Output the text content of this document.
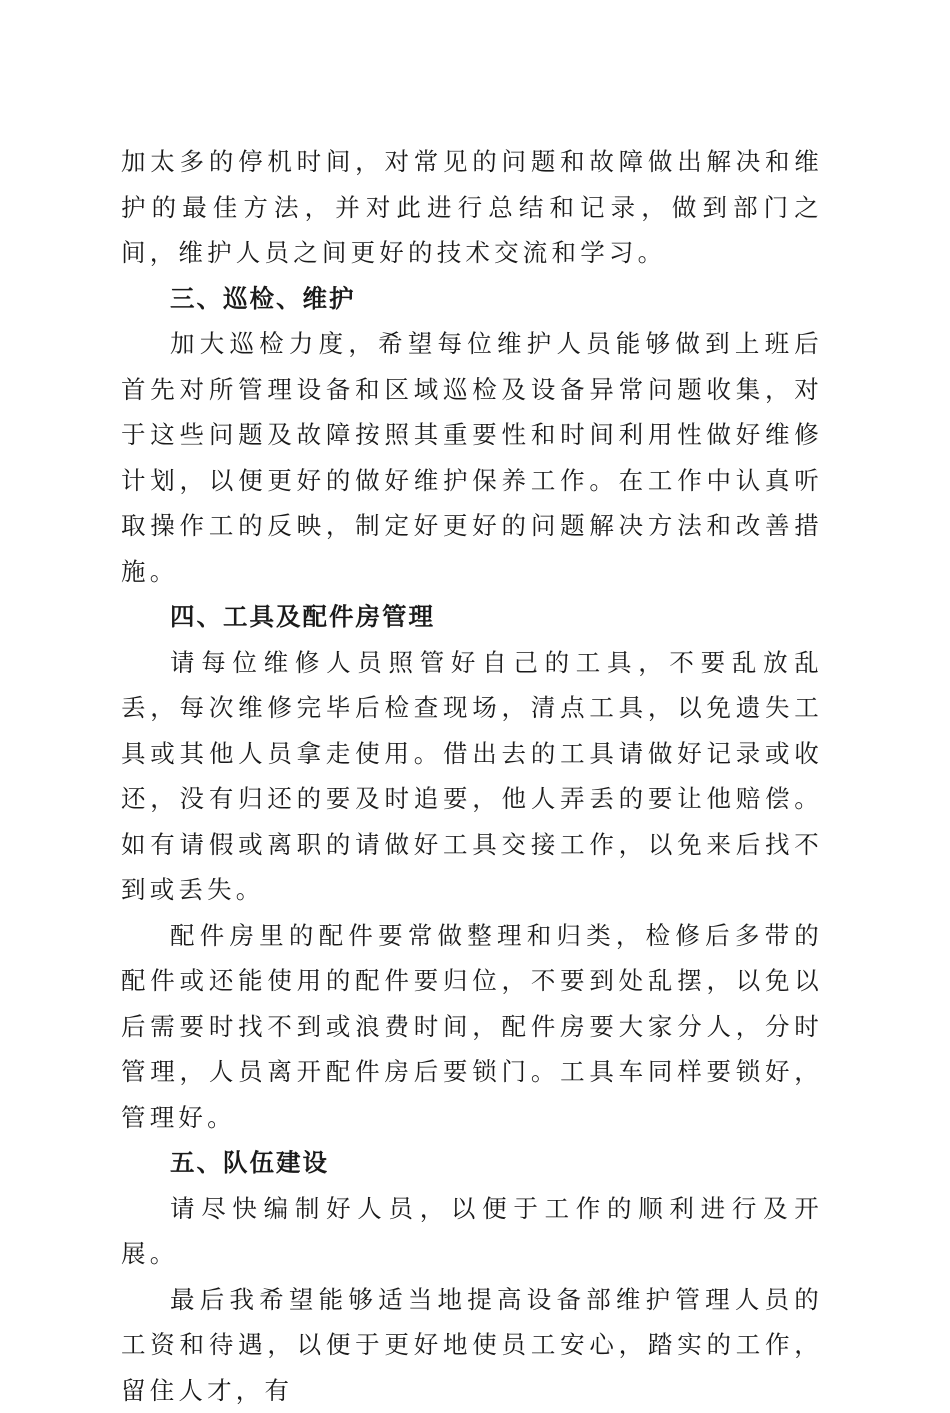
加太多的停机时间，对常见的问题和故障做出解决和维护的最佳方法，并对此进行总结和记录，做到部门之间，维护人员之间更好的技术交流和学习。

三、巡检、维护

加大巡检力度，希望每位维护人员能够做到上班后首先对所管理设备和区域巡检及设备异常问题收集，对于这些问题及故障按照其重要性和时间利用性做好维修计划，以便更好的做好维护保养工作。在工作中认真听取操作工的反映，制定好更好的问题解决方法和改善措施。

四、工具及配件房管理

请每位维修人员照管好自己的工具，不要乱放乱丢，每次维修完毕后检查现场，清点工具，以免遗失工具或其他人员拿走使用。借出去的工具请做好记录或收还，没有归还的要及时追要，他人弄丢的要让他赔偿。如有请假或离职的请做好工具交接工作，以免来后找不到或丢失。

配件房里的配件要常做整理和归类，检修后多带的配件或还能使用的配件要归位，不要到处乱摆，以免以后需要时找不到或浪费时间，配件房要大家分人，分时管理，人员离开配件房后要锁门。工具车同样要锁好，管理好。

五、队伍建设

请尽快编制好人员，以便于工作的顺利进行及开展。

最后我希望能够适当地提高设备部维护管理人员的工资和待遇，以便于更好地使员工安心，踏实的工作，留住人才，有
